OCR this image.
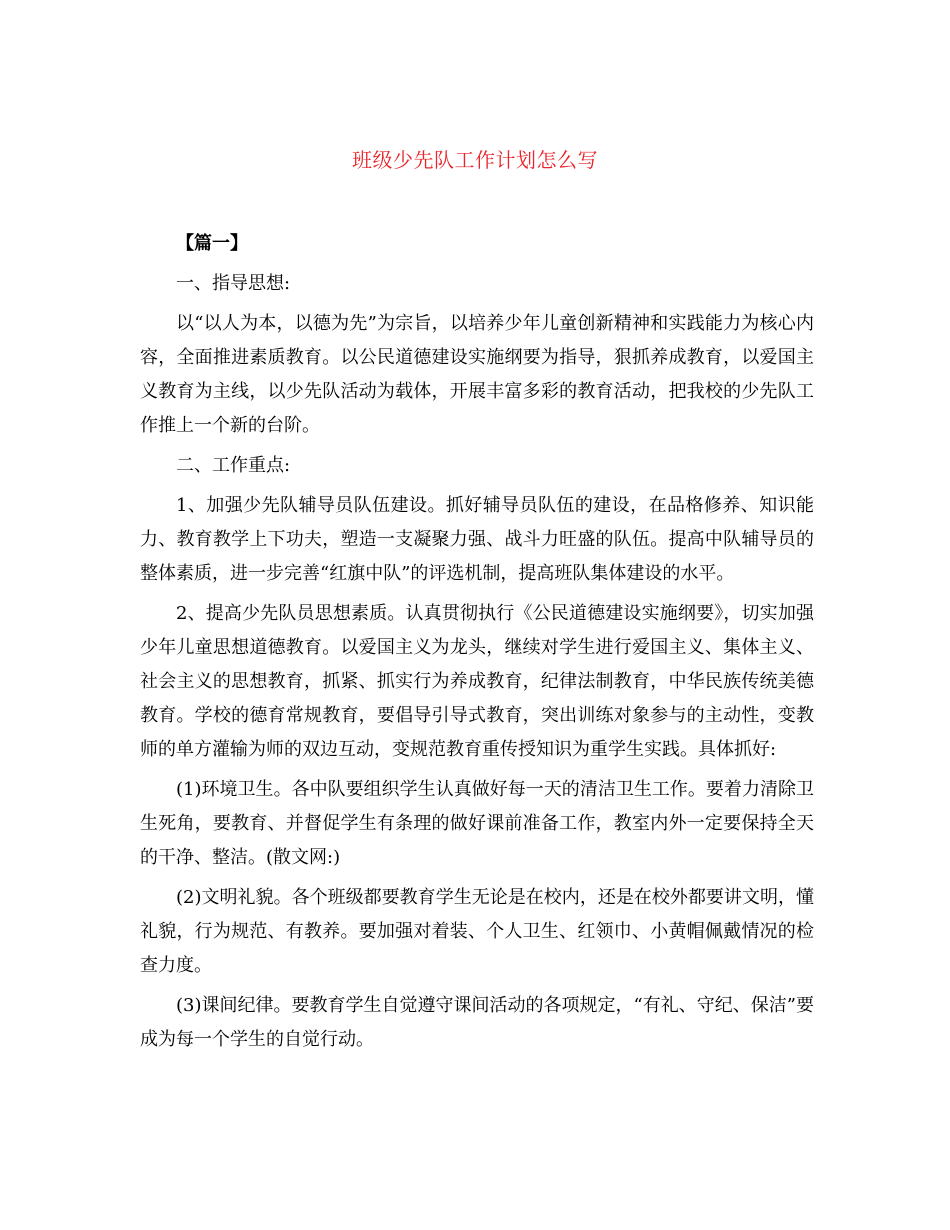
班级少先队工作计划怎么写

【篇一】

一、指导思想:

以“以人为本，以德为先”为宗旨，以培养少年儿童创新精神和实践能力为核心内容，全面推进素质教育。以公民道德建设实施纲要为指导，狠抓养成教育，以爱国主义教育为主线，以少先队活动为载体，开展丰富多彩的教育活动，把我校的少先队工作推上一个新的台阶。

二、工作重点:

1、加强少先队辅导员队伍建设。抓好辅导员队伍的建设，在品格修养、知识能力、教育教学上下功夫，塑造一支凝聚力强、战斗力旺盛的队伍。提高中队辅导员的整体素质，进一步完善“红旗中队”的评选机制，提高班队集体建设的水平。

2、提高少先队员思想素质。认真贯彻执行《公民道德建设实施纲要》，切实加强少年儿童思想道德教育。以爱国主义为龙头，继续对学生进行爱国主义、集体主义、社会主义的思想教育，抓紧、抓实行为养成教育，纪律法制教育，中华民族传统美德教育。学校的德育常规教育，要倡导引导式教育，突出训练对象参与的主动性，变教师的单方灌输为师的双边互动，变规范教育重传授知识为重学生实践。具体抓好:

(1)环境卫生。各中队要组织学生认真做好每一天的清洁卫生工作。要着力清除卫生死角，要教育、并督促学生有条理的做好课前准备工作，教室内外一定要保持全天的干净、整洁。(散文网:)

(2)文明礼貌。各个班级都要教育学生无论是在校内，还是在校外都要讲文明，懂礼貌，行为规范、有教养。要加强对着装、个人卫生、红领巾、小黄帽佩戴情况的检查力度。

(3)课间纪律。要教育学生自觉遵守课间活动的各项规定，“有礼、守纪、保洁”要成为每一个学生的自觉行动。
